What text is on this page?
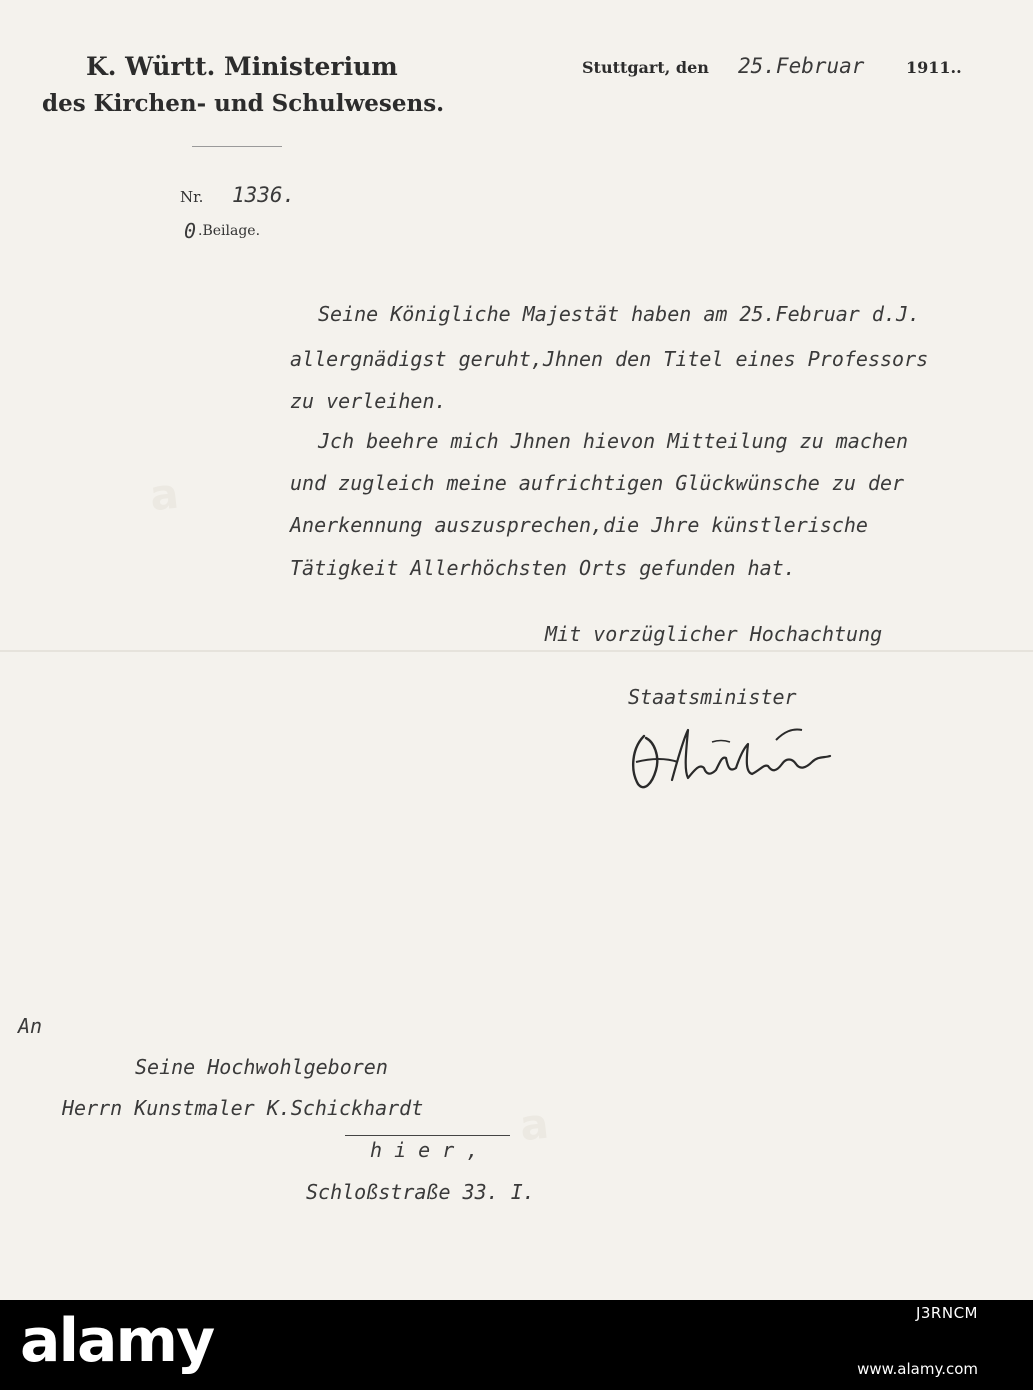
a
a
K. Württ. Ministerium
des Kirchen- und Schulwesens.
Stuttgart, den 25.Februar	1911..
Nr. 1336.
0 .Beilage.
Seine Königliche Majestät haben am 25.Februar d.J.
allergnädigst geruht,Jhnen den Titel eines Professors
zu verleihen.
Jch beehre mich Jhnen hievon Mitteilung zu machen
und zugleich meine aufrichtigen Glückwünsche zu der
Anerkennung auszusprechen,die Jhre künstlerische
Tätigkeit Allerhöchsten Orts gefunden hat.
Mit vorzüglicher Hochachtung
Staatsminister
An
Seine Hochwohlgeboren
Herrn Kunstmaler K.Schickhardt
h i e r ,
Schloßstraße 33. I.
alamy	J3RNCM
www.alamy.com
